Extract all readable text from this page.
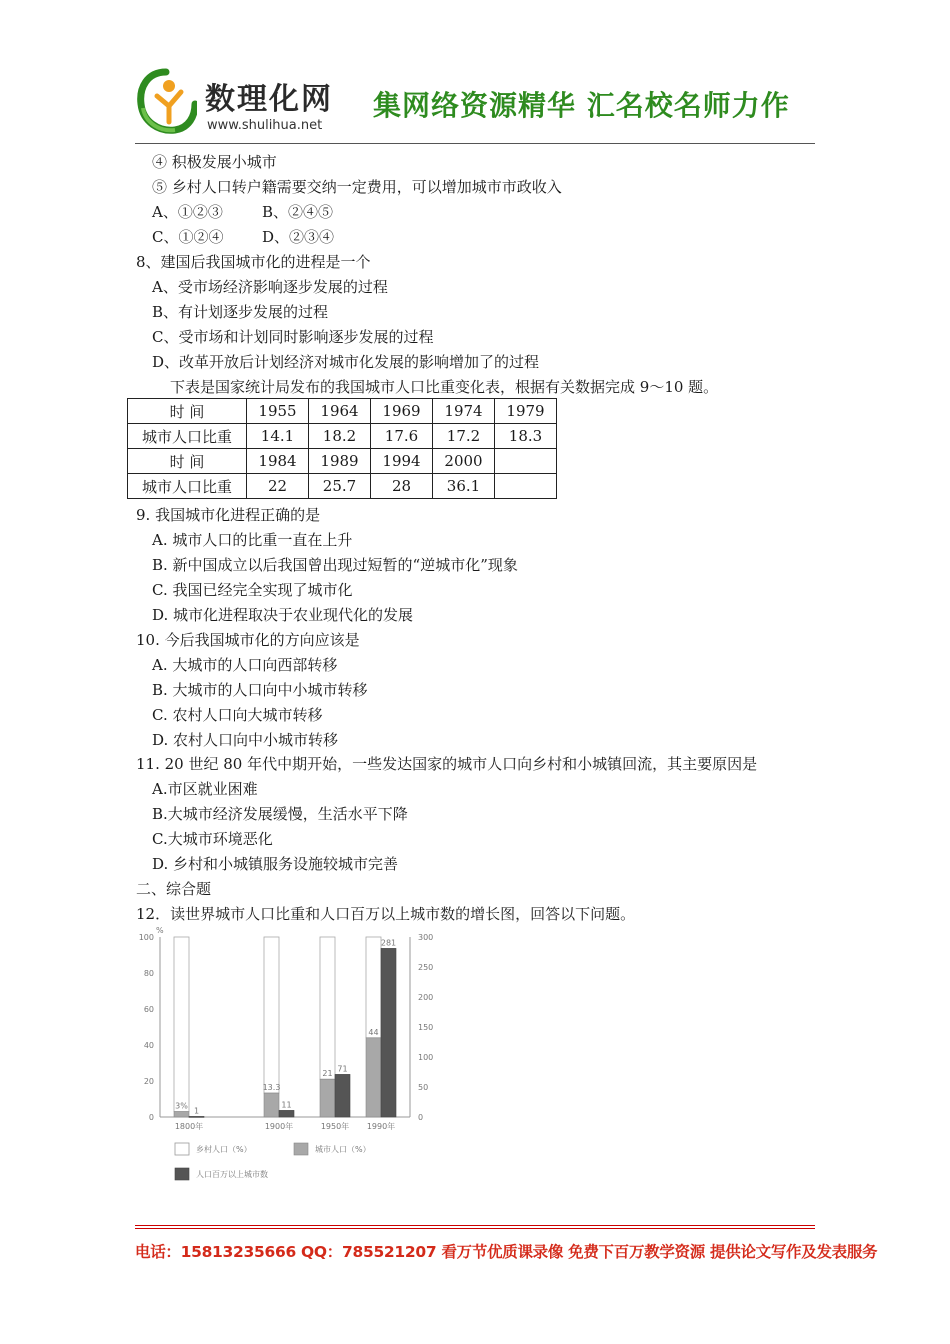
数理化网
www.shulihua.net
集网络资源精华 汇名校名师力作
④ 积极发展小城市
⑤ 乡村人口转户籍需要交纳一定费用，可以增加城市市政收入
A、①②③	B、②④⑤
C、①②④	D、②③④
8、建国后我国城市化的进程是一个
A、受市场经济影响逐步发展的过程
B、有计划逐步发展的过程
C、受市场和计划同时影响逐步发展的过程
D、改革开放后计划经济对城市化发展的影响增加了的过程
下表是国家统计局发布的我国城市人口比重变化表，根据有关数据完成 9～10 题。
时 间	1955	1964	1969	1974	1979
城市人口比重	14.1	18.2	17.6	17.2	18.3
时 间	1984	1989	1994	2000	
城市人口比重	22	25.7	28	36.1	
9. 我国城市化进程正确的是
A. 城市人口的比重一直在上升
B. 新中国成立以后我国曾出现过短暂的“逆城市化”现象
C. 我国已经完全实现了城市化
D. 城市化进程取决于农业现代化的发展
10. 今后我国城市化的方向应该是
A. 大城市的人口向西部转移
B. 大城市的人口向中小城市转移
C. 农村人口向大城市转移
D. 农村人口向中小城市转移
11. 20 世纪 80 年代中期开始，一些发达国家的城市人口向乡村和小城镇回流，其主要原因是
A.市区就业困难
B.大城市经济发展缓慢，生活水平下降
C.大城市环境恶化
D. 乡村和小城镇服务设施较城市完善
二、综合题
12．读世界城市人口比重和人口百万以上城市数的增长图，回答以下问题。
%
100
80
60
40
20
0
300
250
200
150
100
50
0
3%
1
1800年
13.3
11
1900年
21
71
1950年
44
281
1990年
乡村人口（%）	城市人口（%）
人口百万以上城市数
电话：15813235666 QQ：785521207 看万节优质课录像 免费下百万教学资源 提供论文写作及发表服务
